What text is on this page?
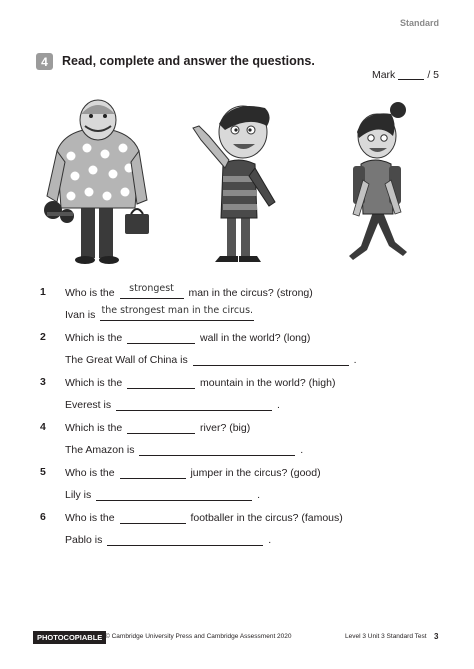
Standard
4	Read, complete and answer the questions.
Mark	/ 5
1 Who is the	strongest	man in the circus? (strong)
Ivan is the strongest man in the circus.
2 Which is the	wall in the world? (long)
The Great Wall of China is	.
3 Which is the	mountain in the world? (high)
Everest is	.
4 Which is the	river? (big)
The Amazon is	.
5 Who is the	jumper in the circus? (good)
Lily is	.
6 Who is the	footballer in the circus? (famous)
Pablo is	.
PHOTOCOPIABLE © Cambridge University Press and Cambridge Assessment 2020	Level 3 Unit 3 Standard Test 3
